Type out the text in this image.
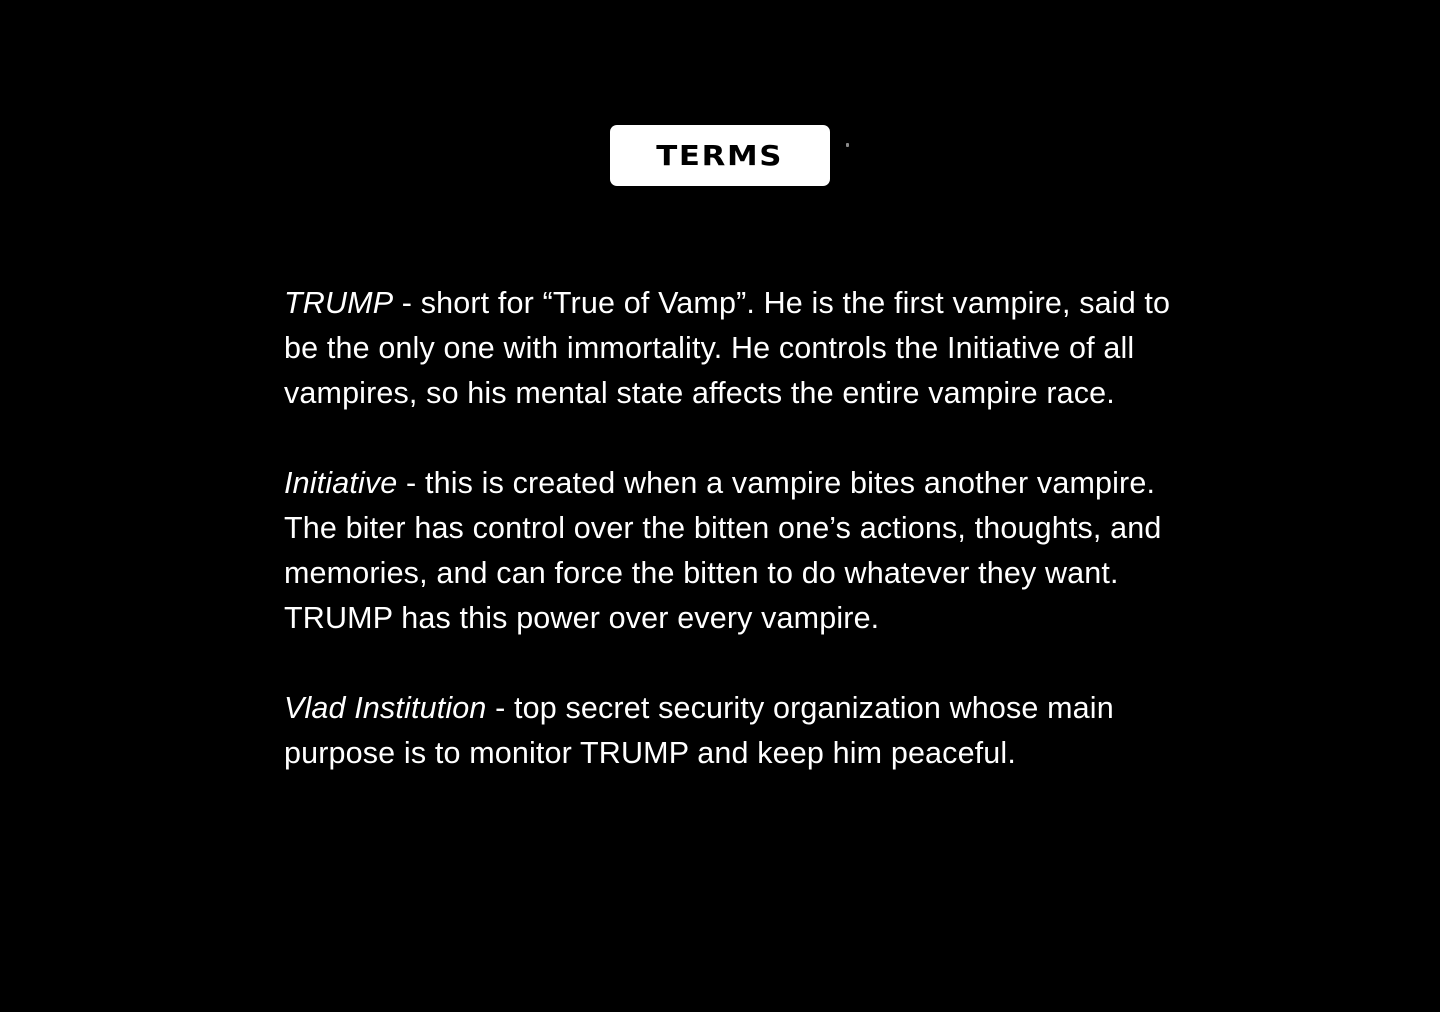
TERMS

TRUMP - short for “True of Vamp”. He is the first vampire, said to be the only one with immortality. He controls the Initiative of all vampires, so his mental state affects the entire vampire race.

Initiative - this is created when a vampire bites another vampire. The biter has control over the bitten one’s actions, thoughts, and memories, and can force the bitten to do whatever they want. TRUMP has this power over every vampire.

Vlad Institution - top secret security organization whose main purpose is to monitor TRUMP and keep him peaceful.
